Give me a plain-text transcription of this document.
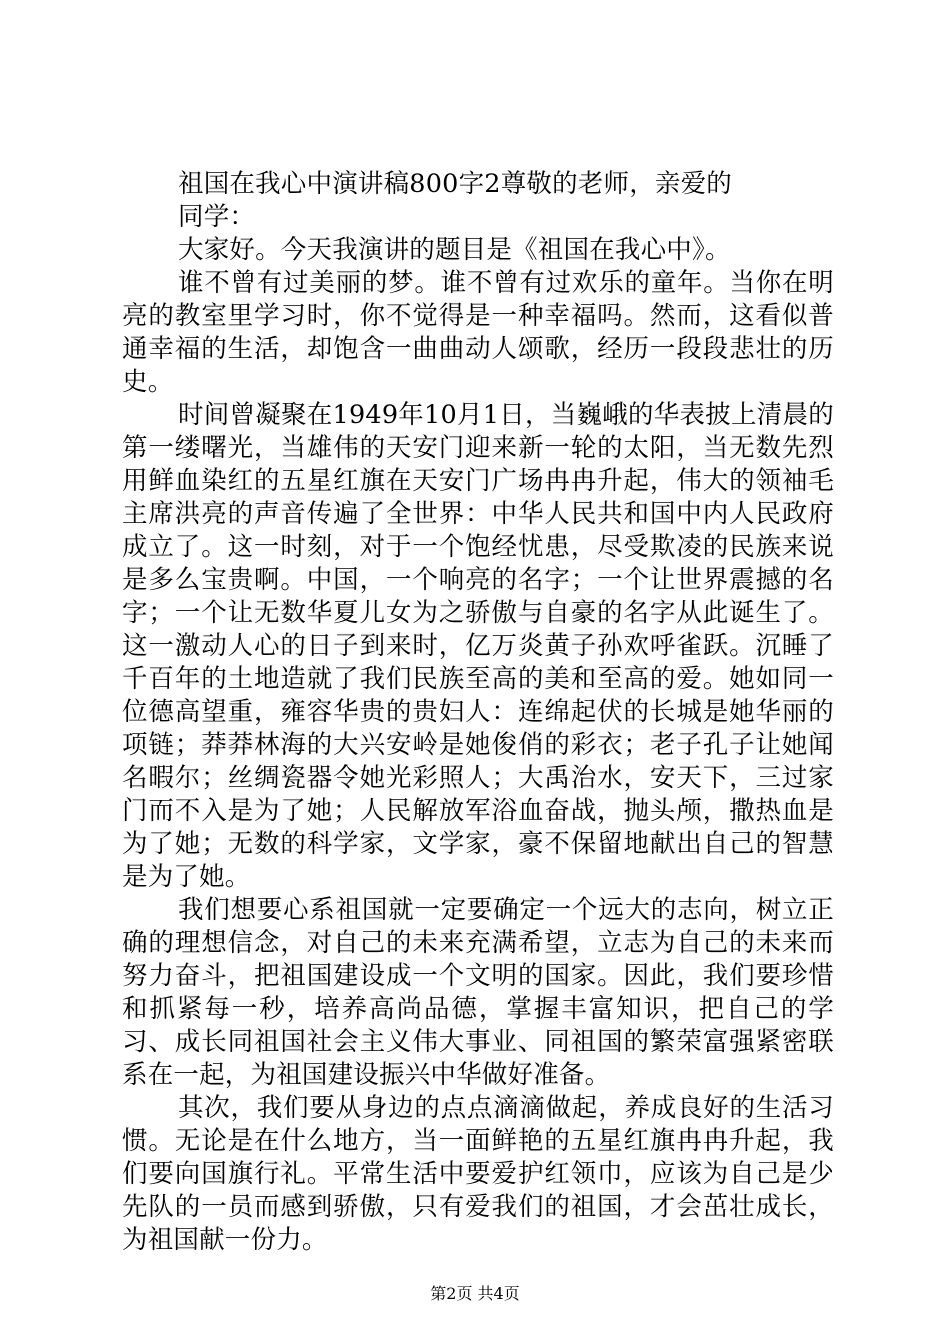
祖国在我心中演讲稿800字2尊敬的老师，亲爱的

同学：

大家好。今天我演讲的题目是《祖国在我心中》。

谁不曾有过美丽的梦。谁不曾有过欢乐的童年。当你在明亮的教室里学习时，你不觉得是一种幸福吗。然而，这看似普通幸福的生活，却饱含一曲曲动人颂歌，经历一段段悲壮的历史。

时间曾凝聚在1949年10月1日，当巍峨的华表披上清晨的第一缕曙光，当雄伟的天安门迎来新一轮的太阳，当无数先烈用鲜血染红的五星红旗在天安门广场冉冉升起，伟大的领袖毛主席洪亮的声音传遍了全世界：中华人民共和国中内人民政府成立了。这一时刻，对于一个饱经忧患，尽受欺凌的民族来说是多么宝贵啊。中国，一个响亮的名字；一个让世界震撼的名字；一个让无数华夏儿女为之骄傲与自豪的名字从此诞生了。这一激动人心的日子到来时，亿万炎黄子孙欢呼雀跃。沉睡了千百年的土地造就了我们民族至高的美和至高的爱。她如同一位德高望重，雍容华贵的贵妇人：连绵起伏的长城是她华丽的项链；莽莽林海的大兴安岭是她俊俏的彩衣；老子孔子让她闻名暇尔；丝绸瓷器令她光彩照人；大禹治水，安天下，三过家门而不入是为了她；人民解放军浴血奋战，抛头颅，撒热血是为了她；无数的科学家，文学家，豪不保留地献出自己的智慧是为了她。

我们想要心系祖国就一定要确定一个远大的志向，树立正确的理想信念，对自己的未来充满希望，立志为自己的未来而努力奋斗，把祖国建设成一个文明的国家。因此，我们要珍惜和抓紧每一秒，培养高尚品德，掌握丰富知识，把自己的学习、成长同祖国社会主义伟大事业、同祖国的繁荣富强紧密联系在一起，为祖国建设振兴中华做好准备。

其次，我们要从身边的点点滴滴做起，养成良好的生活习惯。无论是在什么地方，当一面鲜艳的五星红旗冉冉升起，我们要向国旗行礼。平常生活中要爱护红领巾，应该为自己是少先队的一员而感到骄傲，只有爱我们的祖国，才会茁壮成长，为祖国献一份力。

第2页 共4页
